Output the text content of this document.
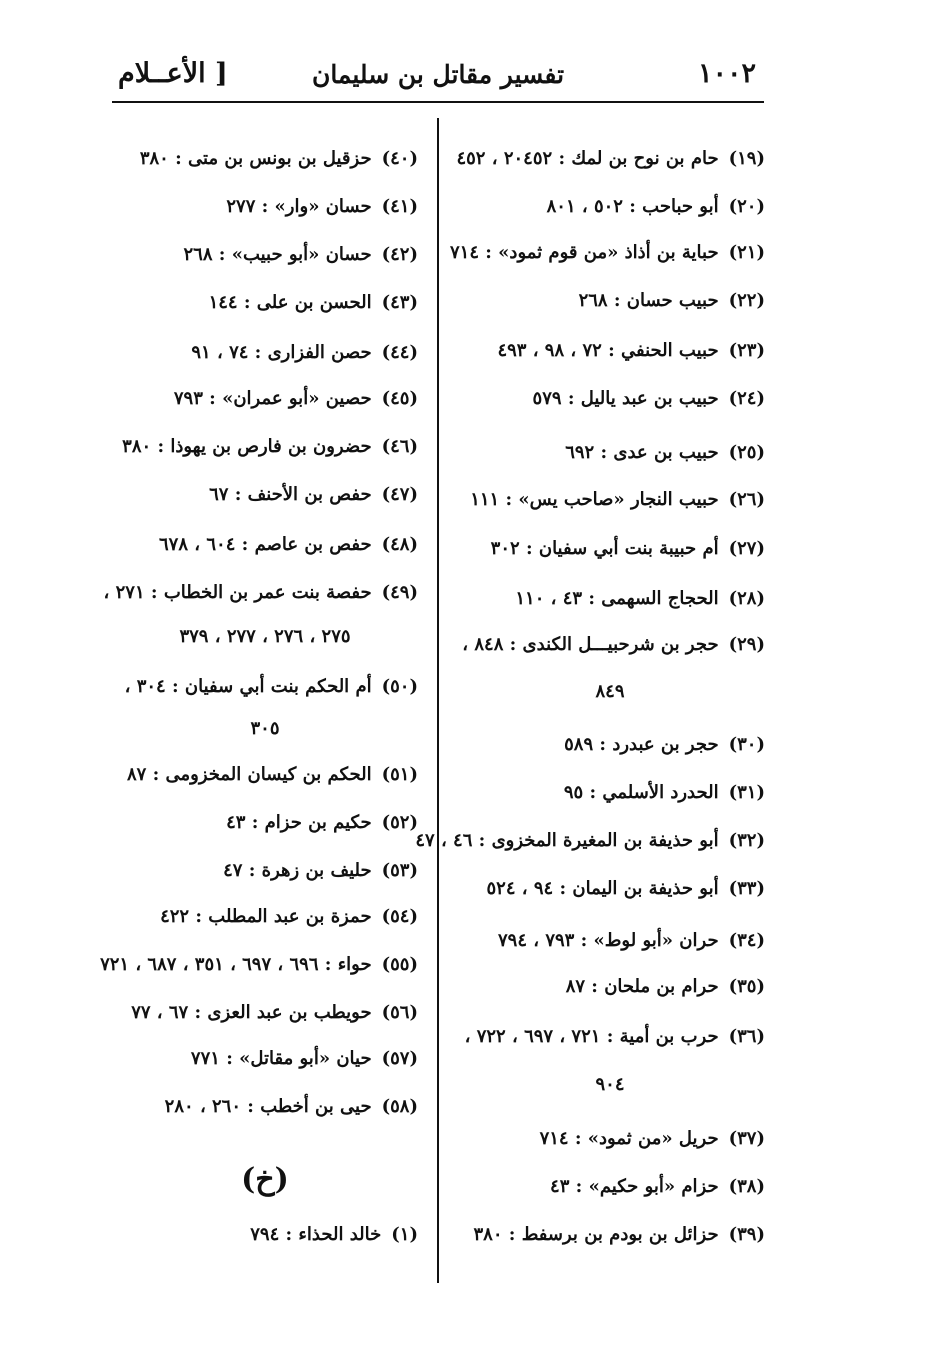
١٠٠٢
تفسير مقاتل بن سليمان
[ الأعــلام
(١٩)حام بن نوح بن لمك : ٢٠٤٥٢ ، ٤٥٢
(٢٠)أبو حباحب : ٥٠٢ ، ٨٠١
(٢١)حباية بن أذاذ «من قوم ثمود» : ٧١٤
(٢٢)حبيب حسان : ٢٦٨
(٢٣)حبيب الحنفي : ٧٢ ، ٩٨ ، ٤٩٣
(٢٤)حبيب بن عبد ياليل : ٥٧٩
(٢٥)حبيب بن عدى : ٦٩٢
(٢٦)حبيب النجار «صاحب يس» : ١١١
(٢٧)أم حبيبة بنت أبي سفيان : ٣٠٢
(٢٨)الحجاج السهمى : ٤٣ ، ١١٠
(٢٩)حجر بن شرحبيـــل الكندى : ٨٤٨ ،
٨٤٩
(٣٠)حجر بن عبدرد : ٥٨٩
(٣١)الحدرد الأسلمي : ٩٥
(٣٢)أبو حذيفة بن المغيرة المخزوى : ٤٦ ، ٤٧
(٣٣)أبو حذيفة بن اليمان : ٩٤ ، ٥٢٤
(٣٤)حران «أبو لوط» : ٧٩٣ ، ٧٩٤
(٣٥)حرام بن ملحان : ٨٧
(٣٦)حرب بن أمية : ٧٢١ ، ٦٩٧ ، ٧٢٢ ،
٩٠٤
(٣٧)حريل «من ثمود» : ٧١٤
(٣٨)حزام «أبو حكيم» : ٤٣
(٣٩)حزائل بن بودم بن برسفط : ٣٨٠
(خ)
(٤٠)حزقيل بن بونس بن متى : ٣٨٠
(٤١)حسان «وار» : ٢٧٧
(٤٢)حسان «أبو حبيب» : ٢٦٨
(٤٣)الحسن بن على : ١٤٤
(٤٤)حصن الفزارى : ٧٤ ، ٩١
(٤٥)حصين «أبو عمران» : ٧٩٣
(٤٦)حضرون بن فارص بن يهوذا : ٣٨٠
(٤٧)حفص بن الأحنف : ٦٧
(٤٨)حفص بن عاصم : ٦٠٤ ، ٦٧٨
(٤٩)حفصة بنت عمر بن الخطاب : ٢٧١ ،
٢٧٥ ، ٢٧٦ ، ٢٧٧ ، ٣٧٩
(٥٠)أم الحكم بنت أبي سفيان : ٣٠٤ ،
٣٠٥
(٥١)الحكم بن كيسان المخزومى : ٨٧
(٥٢)حكيم بن حزام : ٤٣
(٥٣)حليف بن زهرة : ٤٧
(٥٤)حمزة بن عبد المطلب : ٤٢٢
(٥٥)حواء : ٦٩٦ ، ٦٩٧ ، ٣٥١ ، ٦٨٧ ، ٧٢١
(٥٦)حويطب بن عبد العزى : ٦٧ ، ٧٧
(٥٧)حيان «أبو مقاتل» : ٧٧١
(٥٨)حيى بن أخطب : ٢٦٠ ، ٢٨٠
(١)خالد الحذاء : ٧٩٤
